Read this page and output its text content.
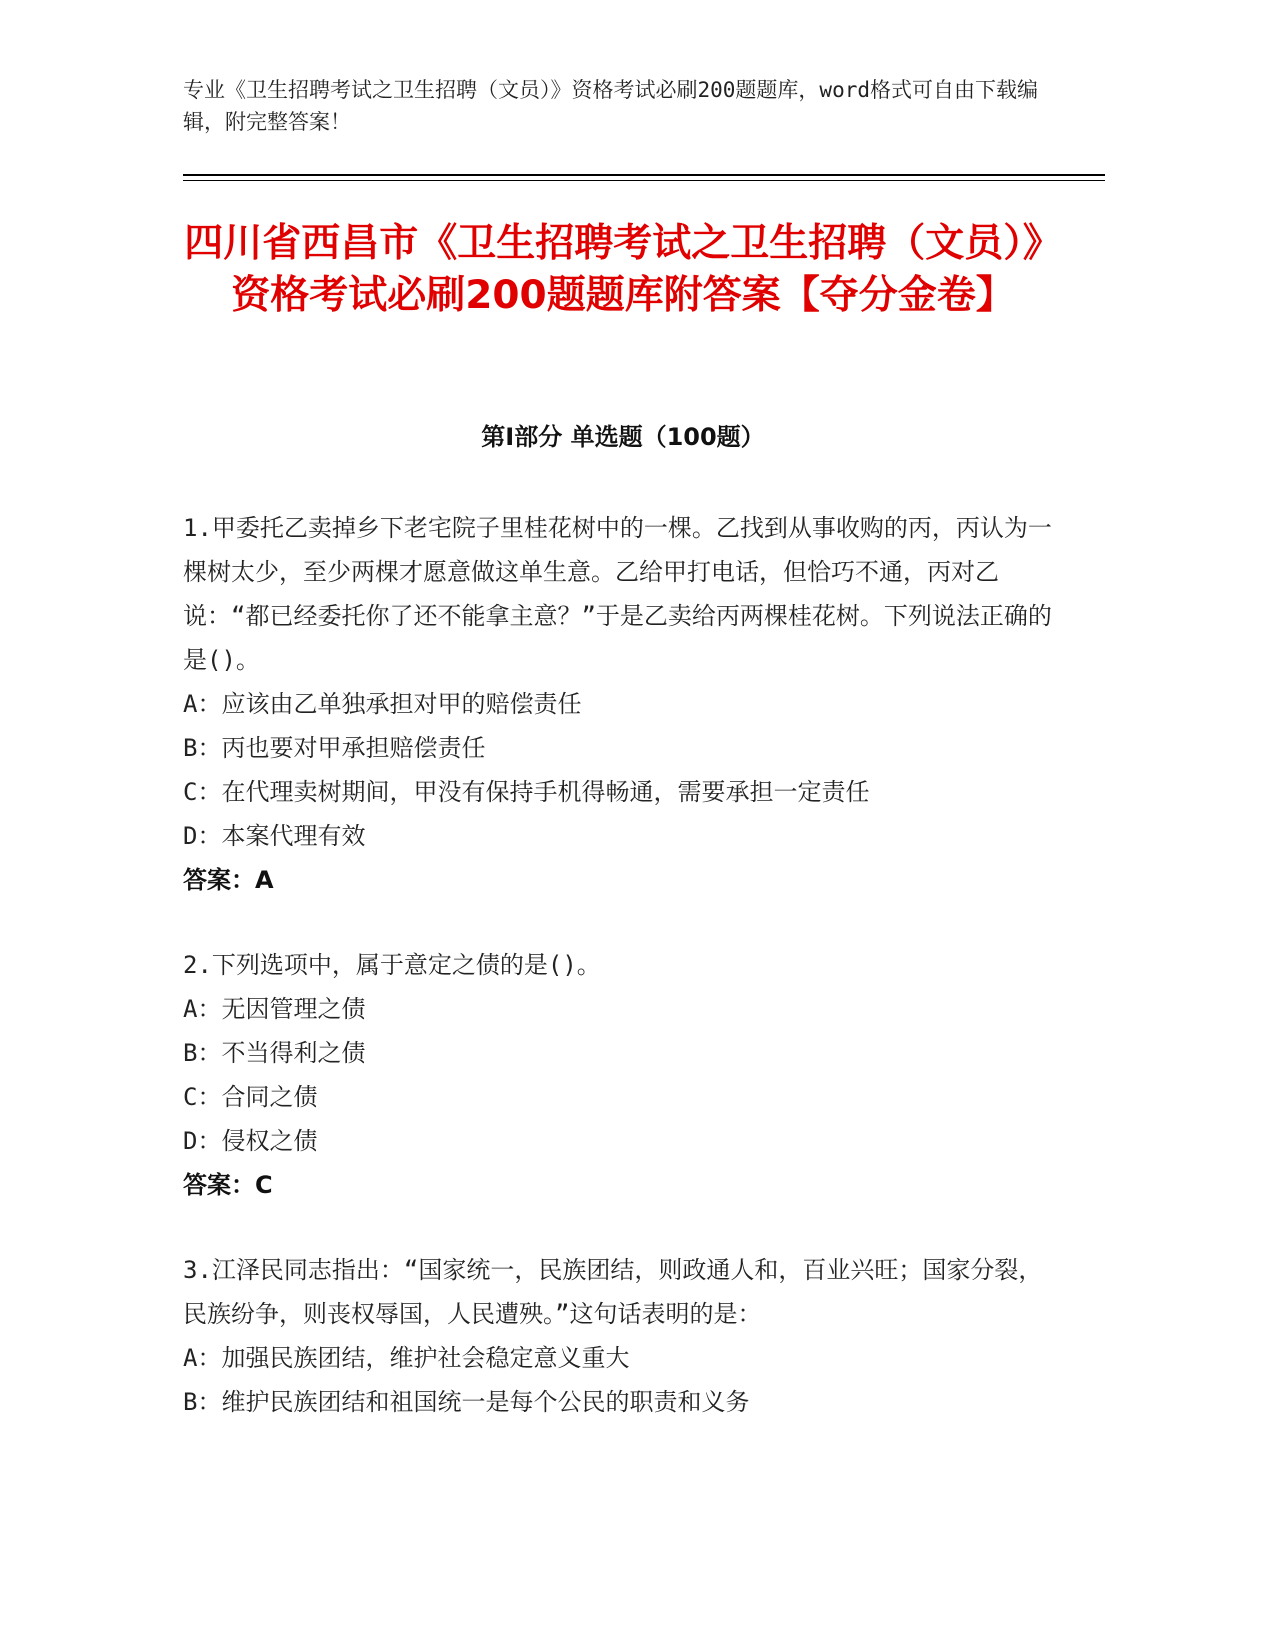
专业《卫生招聘考试之卫生招聘（文员）》资格考试必刷200题题库，word格式可自由下载编辑，附完整答案！

四川省西昌市《卫生招聘考试之卫生招聘（文员）》资格考试必刷200题题库附答案【夺分金卷】
第Ⅰ部分 单选题（100题）

1.甲委托乙卖掉乡下老宅院子里桂花树中的一棵。乙找到从事收购的丙，丙认为一棵树太少，至少两棵才愿意做这单生意。乙给甲打电话，但恰巧不通，丙对乙说：“都已经委托你了还不能拿主意？”于是乙卖给丙两棵桂花树。下列说法正确的是()。

A：应该由乙单独承担对甲的赔偿责任

B：丙也要对甲承担赔偿责任

C：在代理卖树期间，甲没有保持手机得畅通，需要承担一定责任

D：本案代理有效

答案：A

2.下列选项中，属于意定之债的是()。

A：无因管理之债

B：不当得利之债

C：合同之债

D：侵权之债

答案：C

3.江泽民同志指出：“国家统一，民族团结，则政通人和，百业兴旺；国家分裂，民族纷争，则丧权辱国，人民遭殃。”这句话表明的是：

A：加强民族团结，维护社会稳定意义重大

B：维护民族团结和祖国统一是每个公民的职责和义务
